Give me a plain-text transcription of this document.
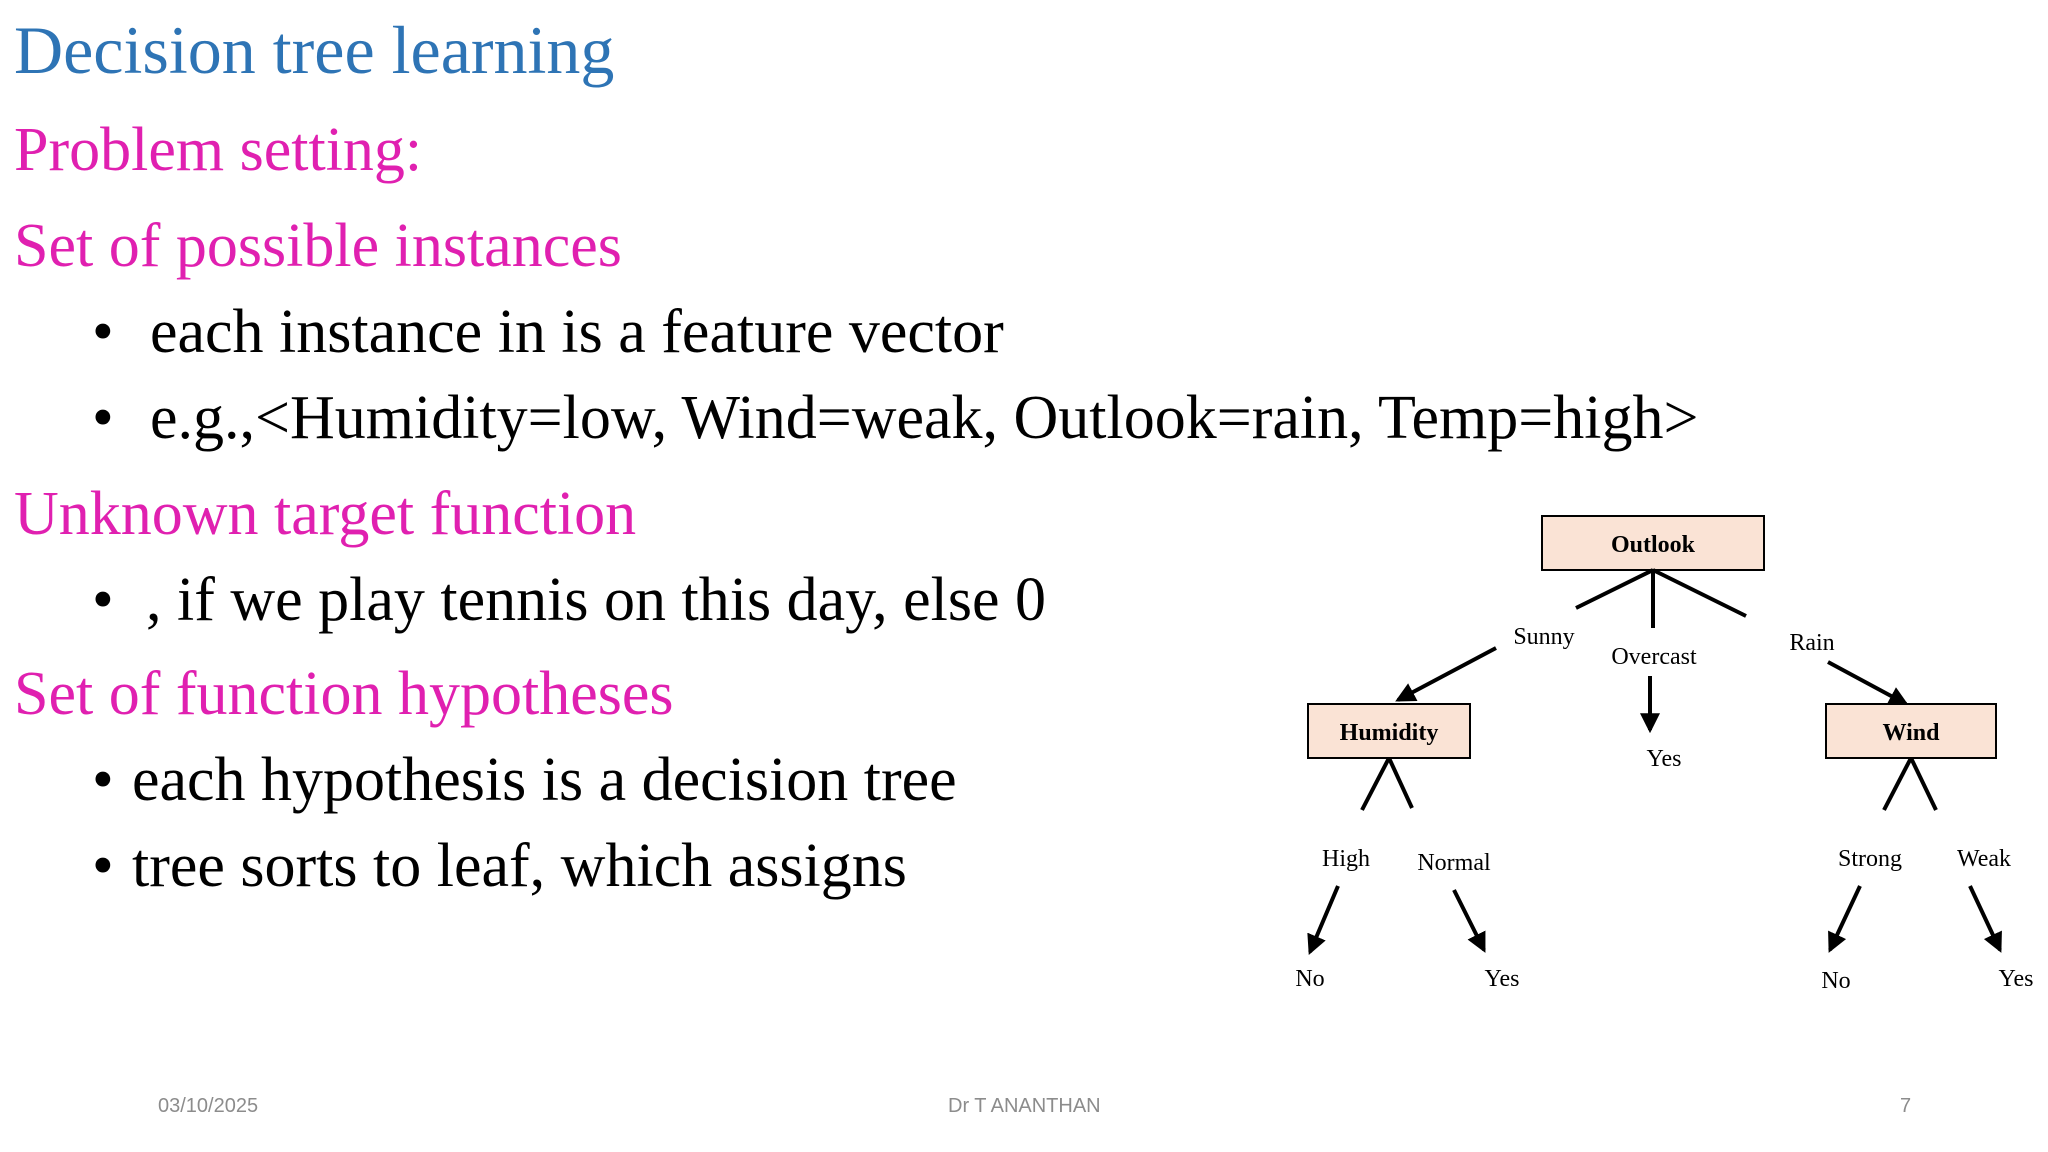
Decision tree learning
Problem setting:
Set of possible instances
• each instance in is a feature vector
• e.g.,<Humidity=low, Wind=weak, Outlook=rain, Temp=high>
Unknown target function
• , if we play tennis on this day, else 0
Set of function hypotheses
• each hypothesis is a decision tree
• tree sorts to leaf, which assigns
Outlook
Sunny
Overcast
Rain
Yes
Humidity
High Normal
No	Yes
Wind
Strong Weak
No	Yes
03/10/2025	Dr T ANANTHAN	7
